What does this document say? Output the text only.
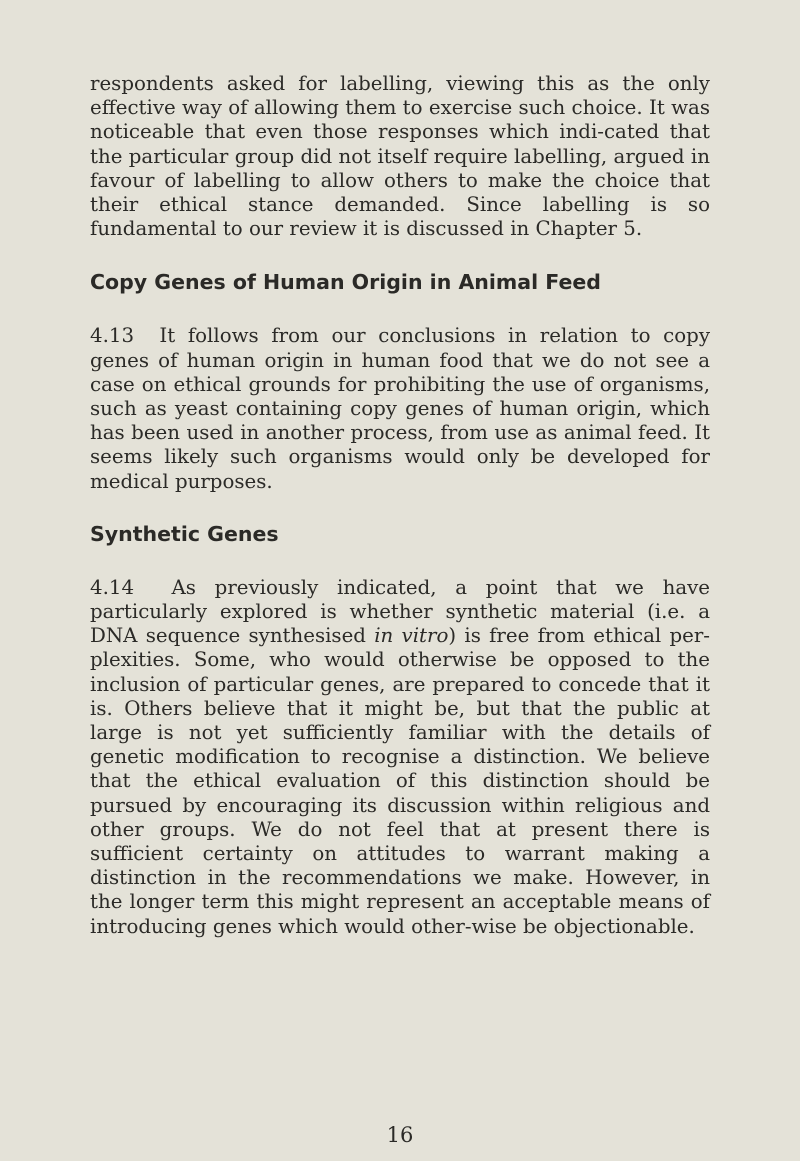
respondents asked for labelling, viewing this as the only effective way of allowing them to exercise such choice. It was noticeable that even those responses which indi-cated that the particular group did not itself require labelling, argued in favour of labelling to allow others to make the choice that their ethical stance demanded. Since labelling is so fundamental to our review it is discussed in Chapter 5.

Copy Genes of Human Origin in Animal Feed

4.13 It follows from our conclusions in relation to copy genes of human origin in human food that we do not see a case on ethical grounds for prohibiting the use of organisms, such as yeast containing copy genes of human origin, which has been used in another process, from use as animal feed. It seems likely such organisms would only be developed for medical purposes.

Synthetic Genes

4.14 As previously indicated, a point that we have particularly explored is whether synthetic material (i.e. a DNA sequence synthesised in vitro) is free from ethical per-plexities. Some, who would otherwise be opposed to the inclusion of particular genes, are prepared to concede that it is. Others believe that it might be, but that the public at large is not yet sufficiently familiar with the details of genetic modification to recognise a distinction. We believe that the ethical evaluation of this distinction should be pursued by encouraging its discussion within religious and other groups. We do not feel that at present there is sufficient certainty on attitudes to warrant making a distinction in the recommendations we make. However, in the longer term this might represent an acceptable means of introducing genes which would other-wise be objectionable.

16
